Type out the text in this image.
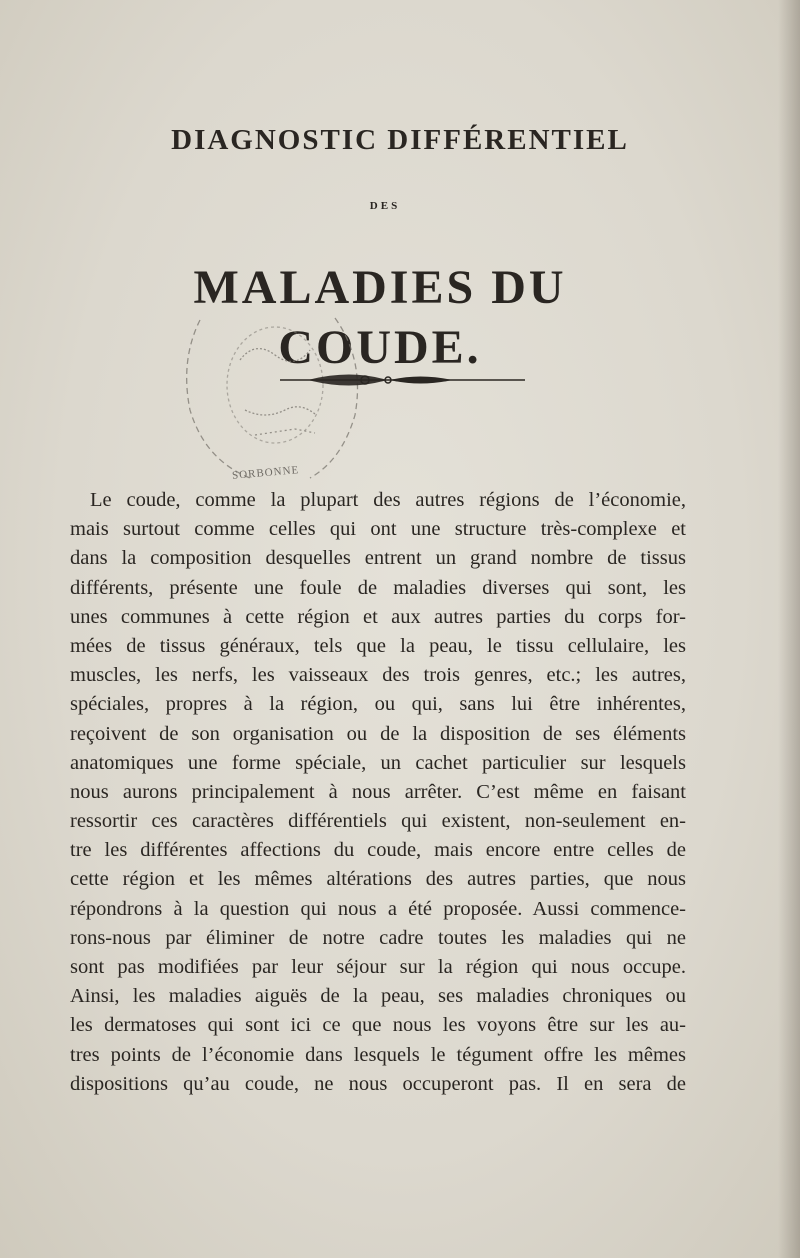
DIAGNOSTIC DIFFÉRENTIEL
DES
MALADIES DU COUDE.
SORBONNE
Le coude, comme la plupart des autres régions de l’économie,
mais surtout comme celles qui ont une structure très-complexe et
dans la composition desquelles entrent un grand nombre de tissus
différents, présente une foule de maladies diverses qui sont, les
unes communes à cette région et aux autres parties du corps for-
mées de tissus généraux, tels que la peau, le tissu cellulaire, les
muscles, les nerfs, les vaisseaux des trois genres, etc.; les autres,
spéciales, propres à la région, ou qui, sans lui être inhérentes,
reçoivent de son organisation ou de la disposition de ses éléments
anatomiques une forme spéciale, un cachet particulier sur lesquels
nous aurons principalement à nous arrêter. C’est même en faisant
ressortir ces caractères différentiels qui existent, non-seulement en-
tre les différentes affections du coude, mais encore entre celles de
cette région et les mêmes altérations des autres parties, que nous
répondrons à la question qui nous a été proposée. Aussi commence-
rons-nous par éliminer de notre cadre toutes les maladies qui ne
sont pas modifiées par leur séjour sur la région qui nous occupe.
Ainsi, les maladies aiguës de la peau, ses maladies chroniques ou
les dermatoses qui sont ici ce que nous les voyons être sur les au-
tres points de l’économie dans lesquels le tégument offre les mêmes
dispositions qu’au coude, ne nous occuperont pas. Il en sera de
